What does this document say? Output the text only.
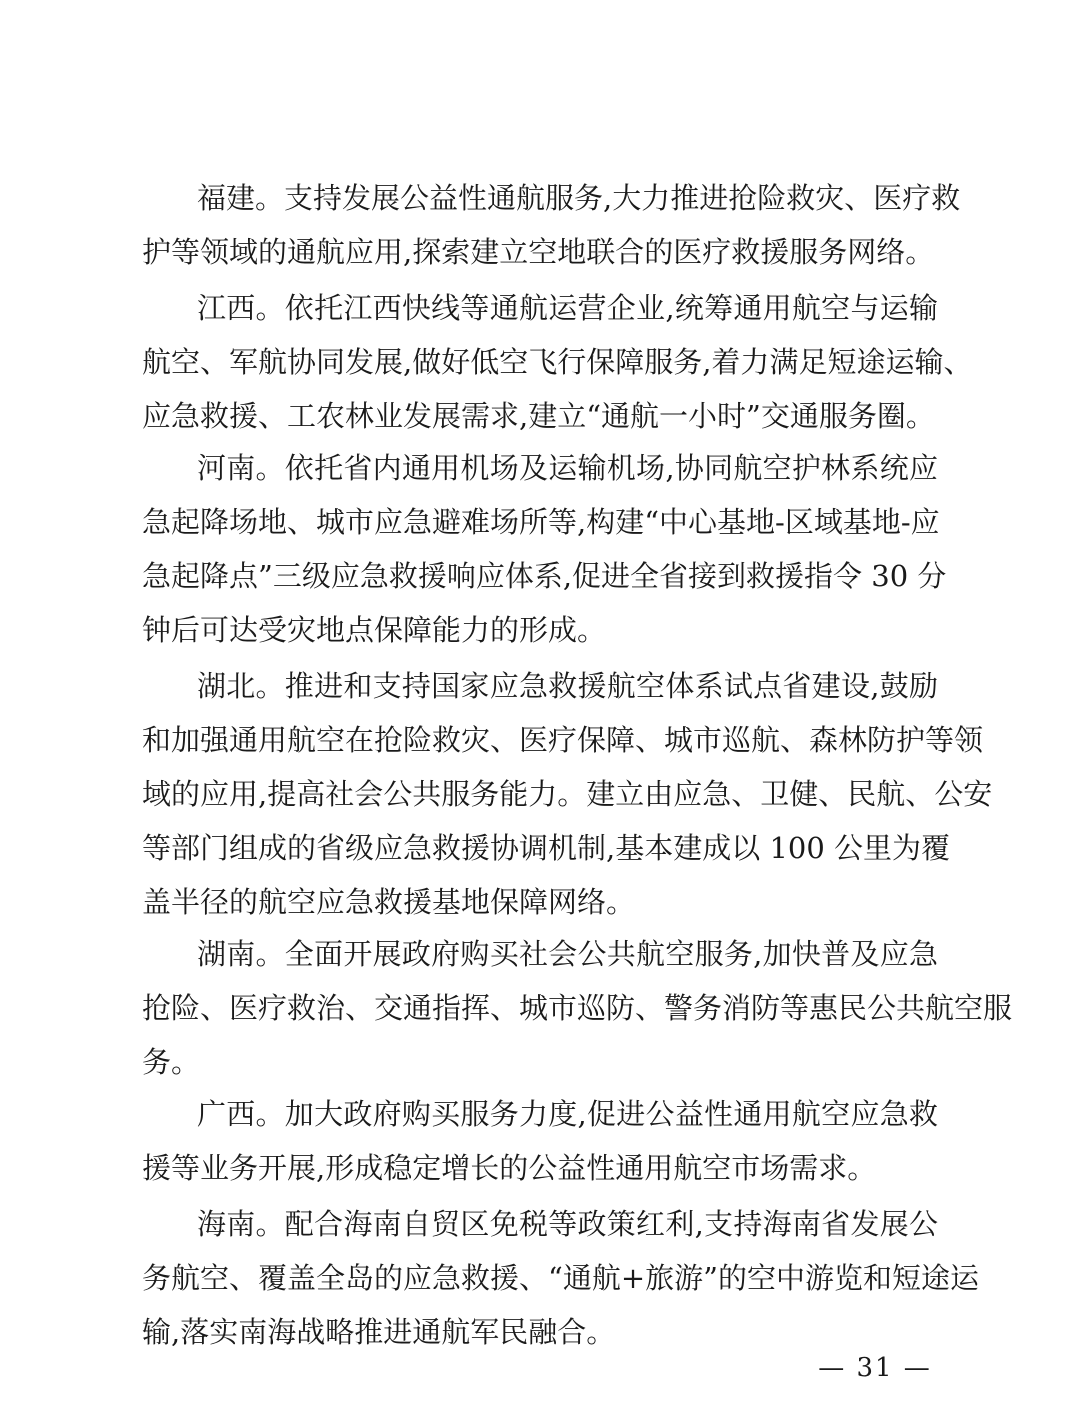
福建。支持发展公益性通航服务,大力推进抢险救灾、医疗救
护等领域的通航应用,探索建立空地联合的医疗救援服务网络。
江西。依托江西快线等通航运营企业,统筹通用航空与运输
航空、军航协同发展,做好低空飞行保障服务,着力满足短途运输、
应急救援、工农林业发展需求,建立“通航一小时”交通服务圈。
河南。依托省内通用机场及运输机场,协同航空护林系统应
急起降场地、城市应急避难场所等,构建“中心基地-区域基地-应
急起降点”三级应急救援响应体系,促进全省接到救援指令 30 分
钟后可达受灾地点保障能力的形成。
湖北。推进和支持国家应急救援航空体系试点省建设,鼓励
和加强通用航空在抢险救灾、医疗保障、城市巡航、森林防护等领
域的应用,提高社会公共服务能力。建立由应急、卫健、民航、公安
等部门组成的省级应急救援协调机制,基本建成以 100 公里为覆
盖半径的航空应急救援基地保障网络。
湖南。全面开展政府购买社会公共航空服务,加快普及应急
抢险、医疗救治、交通指挥、城市巡防、警务消防等惠民公共航空服
务。
广西。加大政府购买服务力度,促进公益性通用航空应急救
援等业务开展,形成稳定增长的公益性通用航空市场需求。
海南。配合海南自贸区免税等政策红利,支持海南省发展公
务航空、覆盖全岛的应急救援、“通航+旅游”的空中游览和短途运
输,落实南海战略推进通航军民融合。
— 31 —
